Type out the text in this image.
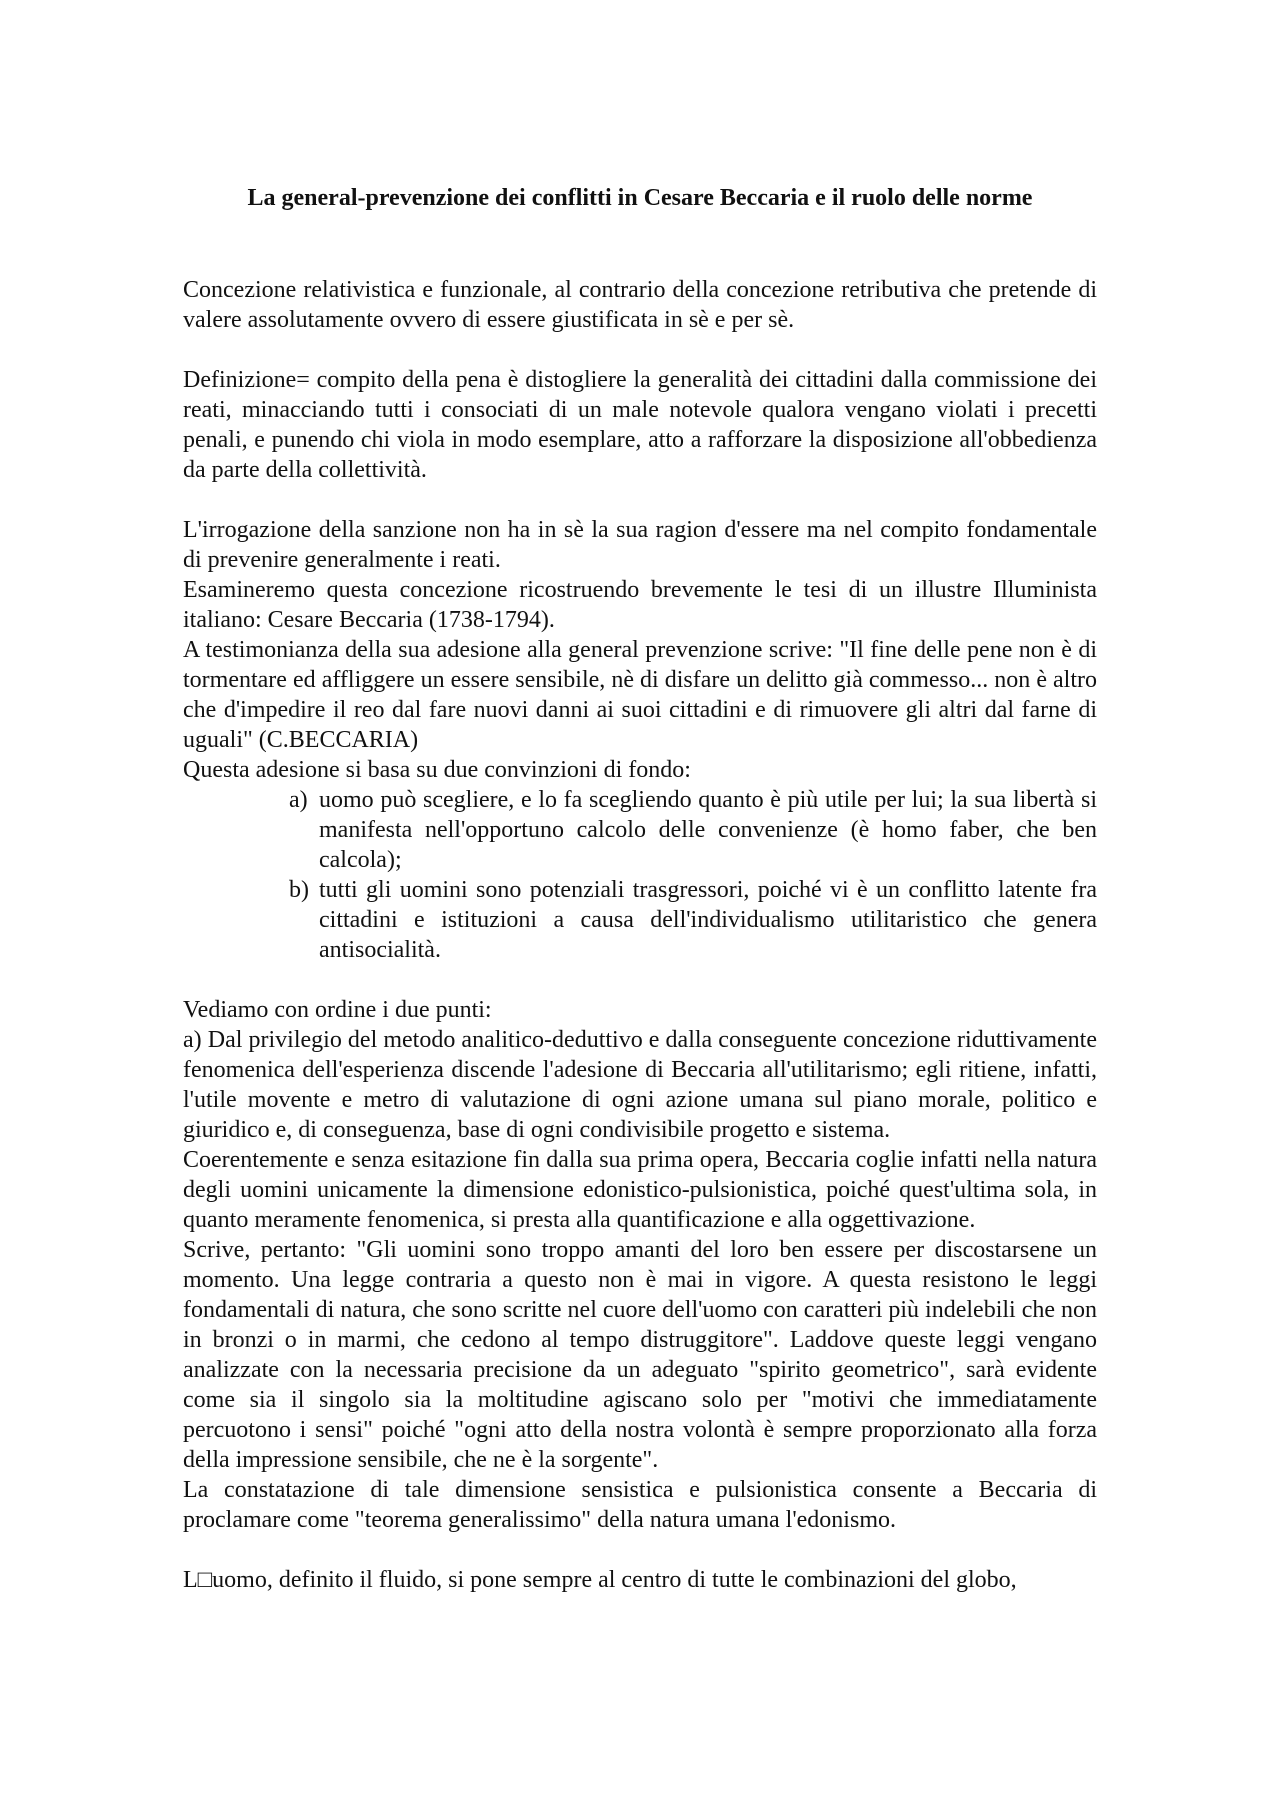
La general-prevenzione dei conflitti in Cesare Beccaria e il ruolo delle norme

Concezione relativistica e funzionale, al contrario della concezione retributiva che pretende di valere assolutamente ovvero di essere giustificata in sè e per sè.

Definizione= compito della pena è distogliere la generalità dei cittadini dalla commissione dei reati, minacciando tutti i consociati di un male notevole qualora vengano violati i precetti penali, e punendo chi viola in modo esemplare, atto a rafforzare la disposizione all'obbedienza da parte della collettività.

L'irrogazione della sanzione non ha in sè la sua ragion d'essere ma nel compito fondamentale di prevenire generalmente i reati.

Esamineremo questa concezione ricostruendo brevemente le tesi di un illustre Illuminista italiano: Cesare Beccaria (1738-1794).

A testimonianza della sua adesione alla general prevenzione scrive: "Il fine delle pene non è di tormentare ed affliggere un essere sensibile, nè di disfare un delitto già commesso... non è altro che d'impedire il reo dal fare nuovi danni ai suoi cittadini e di rimuovere gli altri dal farne di uguali" (C.BECCARIA)

Questa adesione si basa su due convinzioni di fondo:

a) uomo può scegliere, e lo fa scegliendo quanto è più utile per lui; la sua libertà si manifesta nell'opportuno calcolo delle convenienze (è homo faber, che ben calcola);
b) tutti gli uomini sono potenziali trasgressori, poiché vi è un conflitto latente fra cittadini e istituzioni a causa dell'individualismo utilitaristico che genera antisocialità.

Vediamo con ordine i due punti:

a) Dal privilegio del metodo analitico-deduttivo e dalla conseguente concezione riduttivamente fenomenica dell'esperienza discende l'adesione di Beccaria all'utilitarismo; egli ritiene, infatti, l'utile movente e metro di valutazione di ogni azione umana sul piano morale, politico e giuridico e, di conseguenza, base di ogni condivisibile progetto e sistema.

Coerentemente e senza esitazione fin dalla sua prima opera, Beccaria coglie infatti nella natura degli uomini unicamente la dimensione edonistico-pulsionistica, poiché quest'ultima sola, in quanto meramente fenomenica, si presta alla quantificazione e alla oggettivazione.

Scrive, pertanto: "Gli uomini sono troppo amanti del loro ben essere per discostarsene un momento. Una legge contraria a questo non è mai in vigore. A questa resistono le leggi fondamentali di natura, che sono scritte nel cuore dell'uomo con caratteri più indelebili che non in bronzi o in marmi, che cedono al tempo distruggitore". Laddove queste leggi vengano analizzate con la necessaria precisione da un adeguato "spirito geometrico", sarà evidente come sia il singolo sia la moltitudine agiscano solo per "motivi che immediatamente percuotono i sensi" poiché "ogni atto della nostra volontà è sempre proporzionato alla forza della impressione sensibile, che ne è la sorgente".

La constatazione di tale dimensione sensistica e pulsionistica consente a Beccaria di proclamare come "teorema generalissimo" della natura umana l'edonismo.

L□uomo, definito il fluido, si pone sempre al centro di tutte le combinazioni del globo,
